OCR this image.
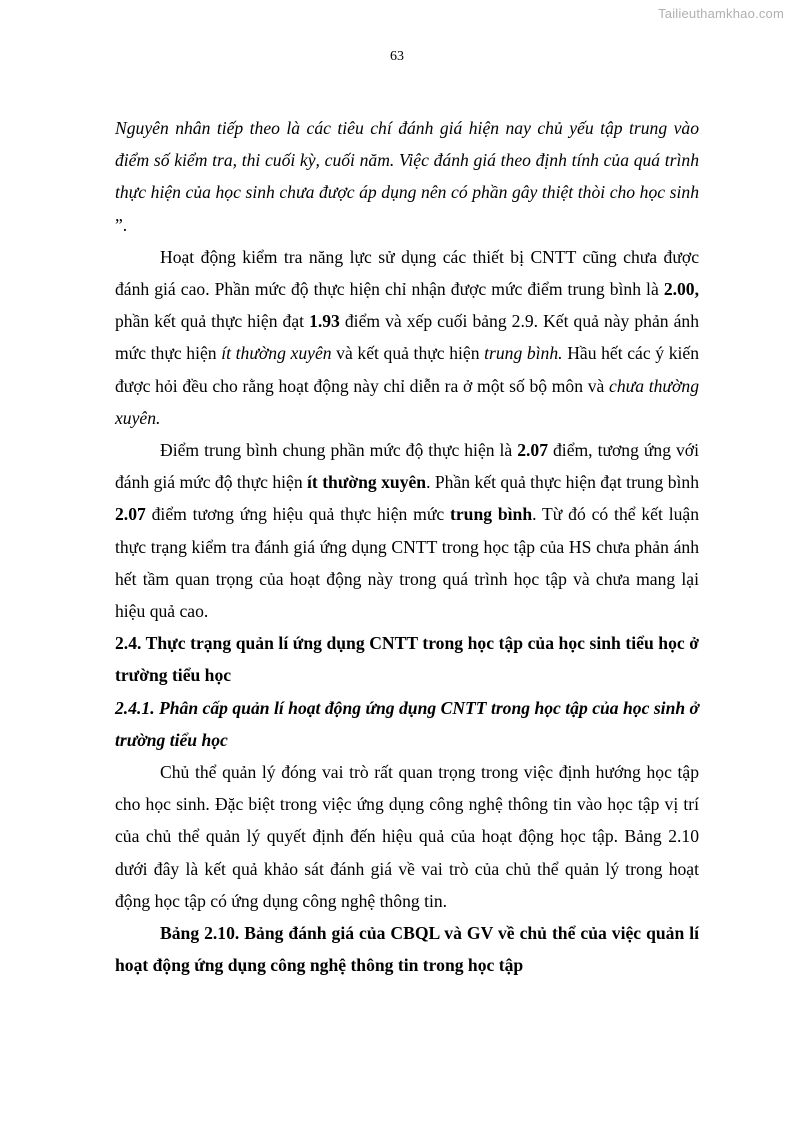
Tailieuthamkhao.com
63

Nguyên nhân tiếp theo là các tiêu chí đánh giá hiện nay chủ yếu tập trung vào điểm số kiểm tra, thi cuối kỳ, cuối năm. Việc đánh giá theo định tính của quá trình thực hiện của học sinh chưa được áp dụng nên có phần gây thiệt thòi cho học sinh ”.

Hoạt động kiểm tra năng lực sử dụng các thiết bị CNTT cũng chưa được đánh giá cao. Phần mức độ thực hiện chỉ nhận được mức điểm trung bình là 2.00, phần kết quả thực hiện đạt 1.93 điểm và xếp cuối bảng 2.9. Kết quả này phản ánh mức thực hiện ít thường xuyên và kết quả thực hiện trung bình. Hầu hết các ý kiến được hỏi đều cho rằng hoạt động này chỉ diễn ra ở một số bộ môn và chưa thường xuyên.

Điểm trung bình chung phần mức độ thực hiện là 2.07 điểm, tương ứng với đánh giá mức độ thực hiện ít thường xuyên. Phần kết quả thực hiện đạt trung bình 2.07 điểm tương ứng hiệu quả thực hiện mức trung bình. Từ đó có thể kết luận thực trạng kiểm tra đánh giá ứng dụng CNTT trong học tập của HS chưa phản ánh hết tầm quan trọng của hoạt động này trong quá trình học tập và chưa mang lại hiệu quả cao.

2.4. Thực trạng quản lí ứng dụng CNTT trong học tập của học sinh tiểu học ở trường tiểu học

2.4.1. Phân cấp quản lí hoạt động ứng dụng CNTT trong học tập của học sinh ở trường tiểu học

Chủ thể quản lý đóng vai trò rất quan trọng trong việc định hướng học tập cho học sinh. Đặc biệt trong việc ứng dụng công nghệ thông tin vào học tập vị trí của chủ thể quản lý quyết định đến hiệu quả của hoạt động học tập. Bảng 2.10 dưới đây là kết quả khảo sát đánh giá về vai trò của chủ thể quản lý trong hoạt động học tập có ứng dụng công nghệ thông tin.

Bảng 2.10. Bảng đánh giá của CBQL và GV về chủ thể của việc quản lí hoạt động ứng dụng công nghệ thông tin trong học tập
